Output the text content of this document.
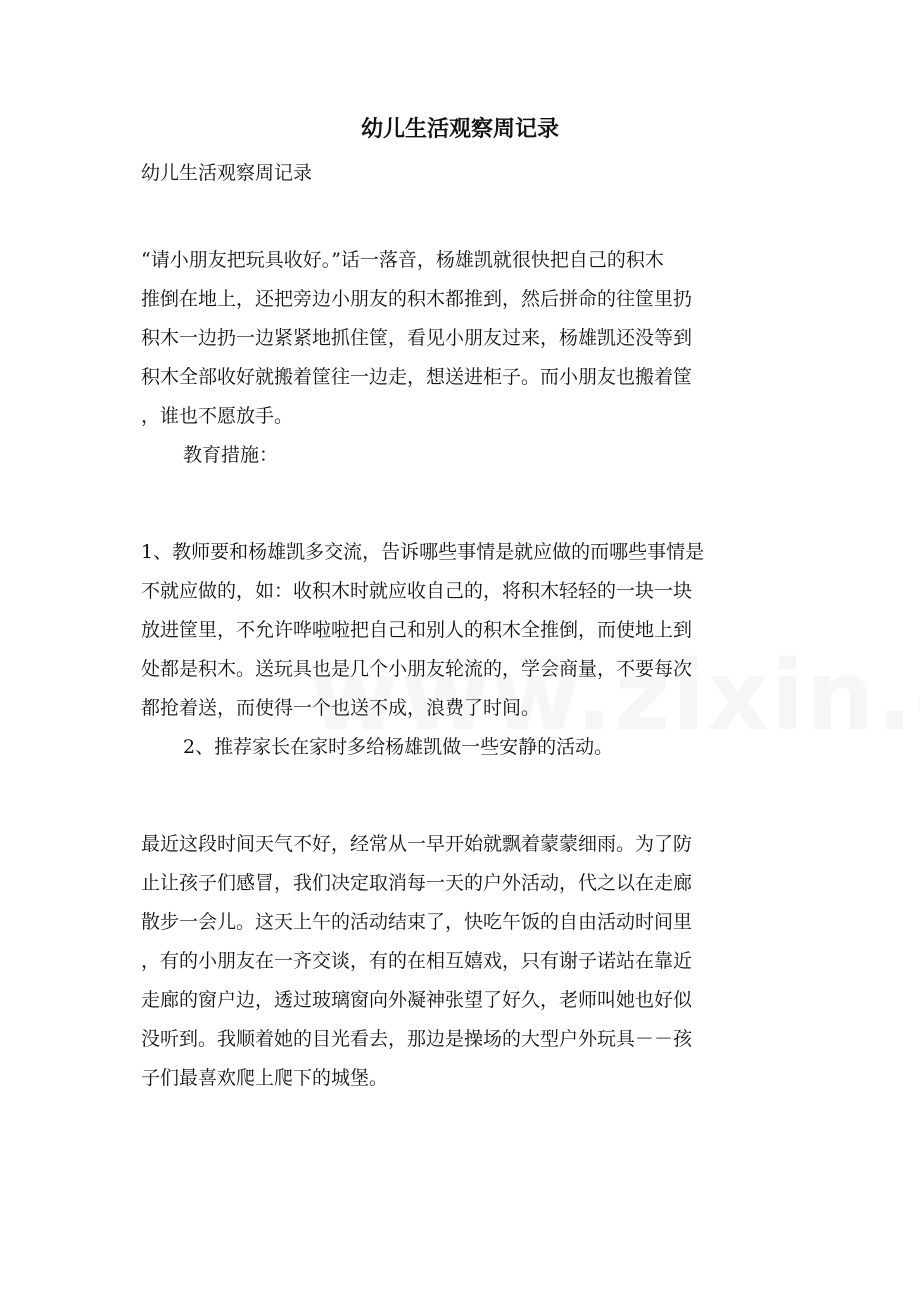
幼儿生活观察周记录
幼儿生活观察周记录
“请小朋友把玩具收好。”话一落音，杨雄凯就很快把自己的积木
推倒在地上，还把旁边小朋友的积木都推到，然后拼命的往筐里扔
积木一边扔一边紧紧地抓住筐，看见小朋友过来，杨雄凯还没等到
积木全部收好就搬着筐往一边走，想送进柜子。而小朋友也搬着筐
，谁也不愿放手。
教育措施：
1、教师要和杨雄凯多交流，告诉哪些事情是就应做的而哪些事情是
不就应做的，如：收积木时就应收自己的，将积木轻轻的一块一块
放进筐里，不允许哗啦啦把自己和别人的积木全推倒，而使地上到
处都是积木。送玩具也是几个小朋友轮流的，学会商量，不要每次
都抢着送，而使得一个也送不成，浪费了时间。
2、推荐家长在家时多给杨雄凯做一些安静的活动。
最近这段时间天气不好，经常从一早开始就飘着蒙蒙细雨。为了防
止让孩子们感冒，我们决定取消每一天的户外活动，代之以在走廊
散步一会儿。这天上午的活动结束了，快吃午饭的自由活动时间里
，有的小朋友在一齐交谈，有的在相互嬉戏，只有谢子诺站在靠近
走廊的窗户边，透过玻璃窗向外凝神张望了好久，老师叫她也好似
没听到。我顺着她的目光看去，那边是操场的大型户外玩具－－孩
子们最喜欢爬上爬下的城堡。
